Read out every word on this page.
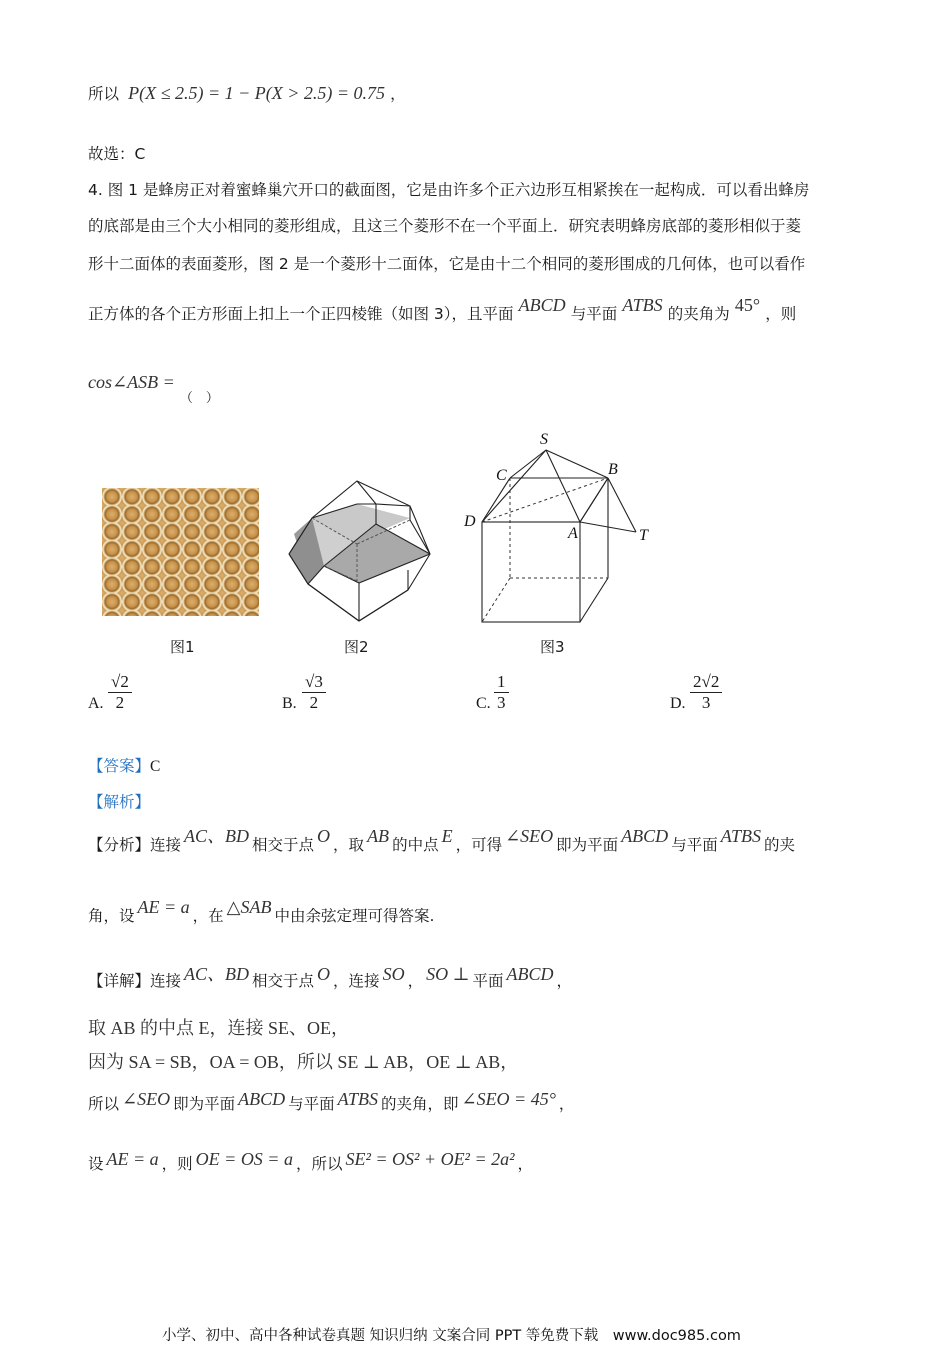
所以 P(X ≤ 2.5) = 1 − P(X > 2.5) = 0.75 ，
故选：C
4. 图 1 是蜂房正对着蜜蜂巢穴开口的截面图，它是由许多个正六边形互相紧挨在一起构成．可以看出蜂房
的底部是由三个大小相同的菱形组成，且这三个菱形不在一个平面上．研究表明蜂房底部的菱形相似于菱
形十二面体的表面菱形，图 2 是一个菱形十二面体，它是由十二个相同的菱形围成的几何体，也可以看作
正方体的各个正方形面上扣上一个正四棱锥（如图 3），且平面 ABCD 与平面 ATBS 的夹角为 45° ，则
cos∠ASB = $_{( )}$
图1	图2
S
C	B
D
A	T
图3
A. $\frac{√2}{2}$	B. $\frac{√3}{2}$	C. $\frac{1}{3}$	D. $\frac{2√2}{3}$
【答案】C
【解析】
【分析】连接 AC、BD 相交于点 O ，取 AB 的中点 E ，可得 ∠SEO 即为平面 ABCD 与平面 ATBS 的夹
角，设 AE = a ，在 △SAB 中由余弦定理可得答案.
【详解】连接 AC、BD 相交于点 O ，连接 SO ， SO ⊥ 平面 ABCD ，
取 AB 的中点 E，连接 SE、OE，
因为 SA = SB，OA = OB，所以 SE ⊥ AB，OE ⊥ AB，
所以 ∠SEO 即为平面 ABCD 与平面 ATBS 的夹角，即 ∠SEO = 45° ，
设 AE = a ，则 OE = OS = a ，所以 SE² = OS² + OE² = 2a² ，
小学、初中、高中各种试卷真题 知识归纳 文案合同 PPT 等免费下载　www.doc985.com
